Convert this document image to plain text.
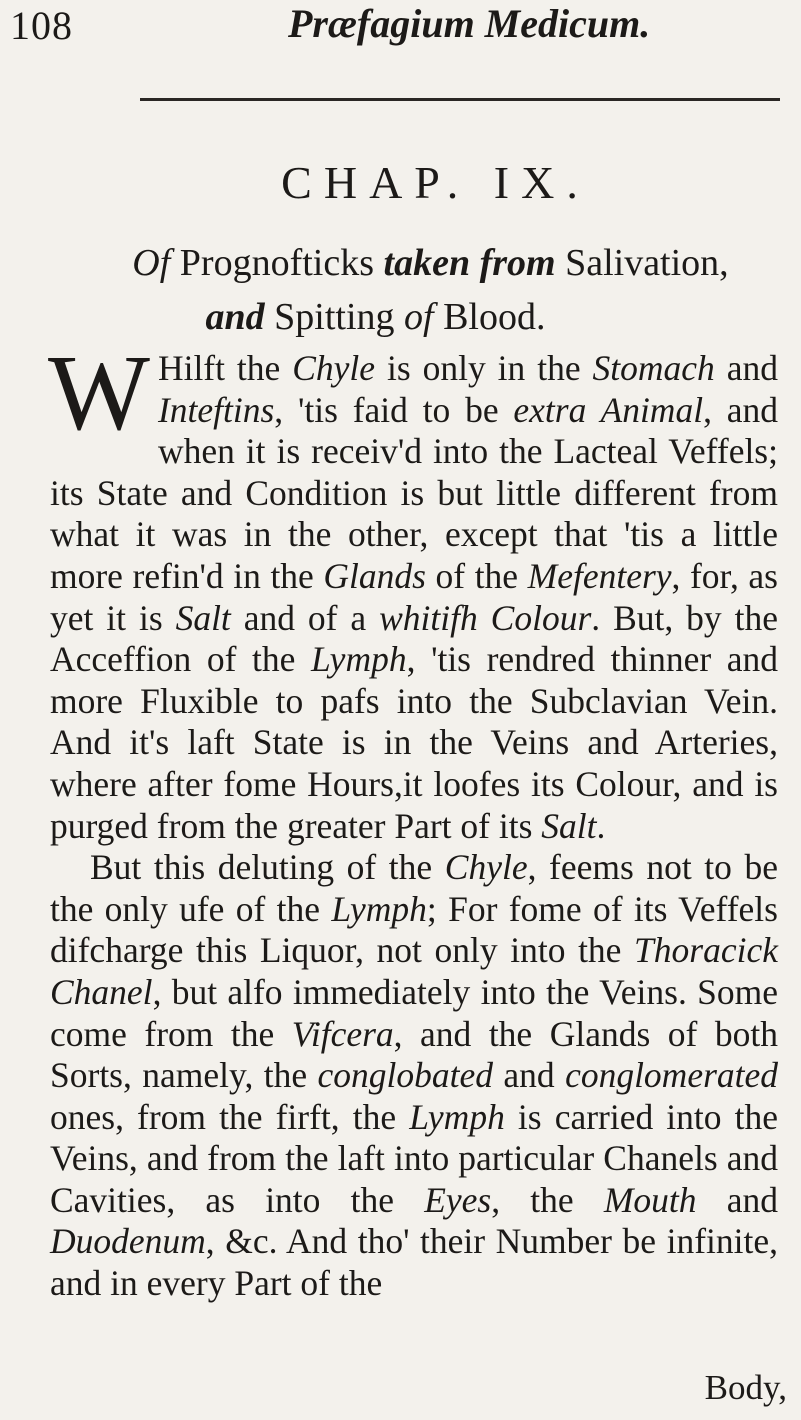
108	Præfagium Medicum.
CHAP. IX.
Of Prognofticks taken from Salivation,
and Spitting of Blood.

W Hilft the Chyle is only in the Stomach and Inteftins, 'tis faid to be extra Animal, and when it is receiv'd into the Lacteal Veffels; its State and Condition is but little different from what it was in the other, except that 'tis a little more refin'd in the Glands of the Mefentery, for, as yet it is Salt and of a whitifh Colour. But, by the Acceffion of the Lymph, 'tis rendred thinner and more Fluxible to pafs into the Subclavian Vein. And it's laft State is in the Veins and Arteries, where after fome Hours,it loofes its Colour, and is purged from the greater Part of its Salt.

But this deluting of the Chyle, feems not to be the only ufe of the Lymph; For fome of its Veffels difcharge this Liquor, not only into the Thoracick Chanel, but alfo immediately into the Veins. Some come from the Vifcera, and the Glands of both Sorts, namely, the conglobated and conglomerated ones, from the firft, the Lymph is carried into the Veins, and from the laft into particular Chanels and Cavities, as into the Eyes, the Mouth and Duodenum, &c. And tho' their Number be infinite, and in every Part of the

Body,
